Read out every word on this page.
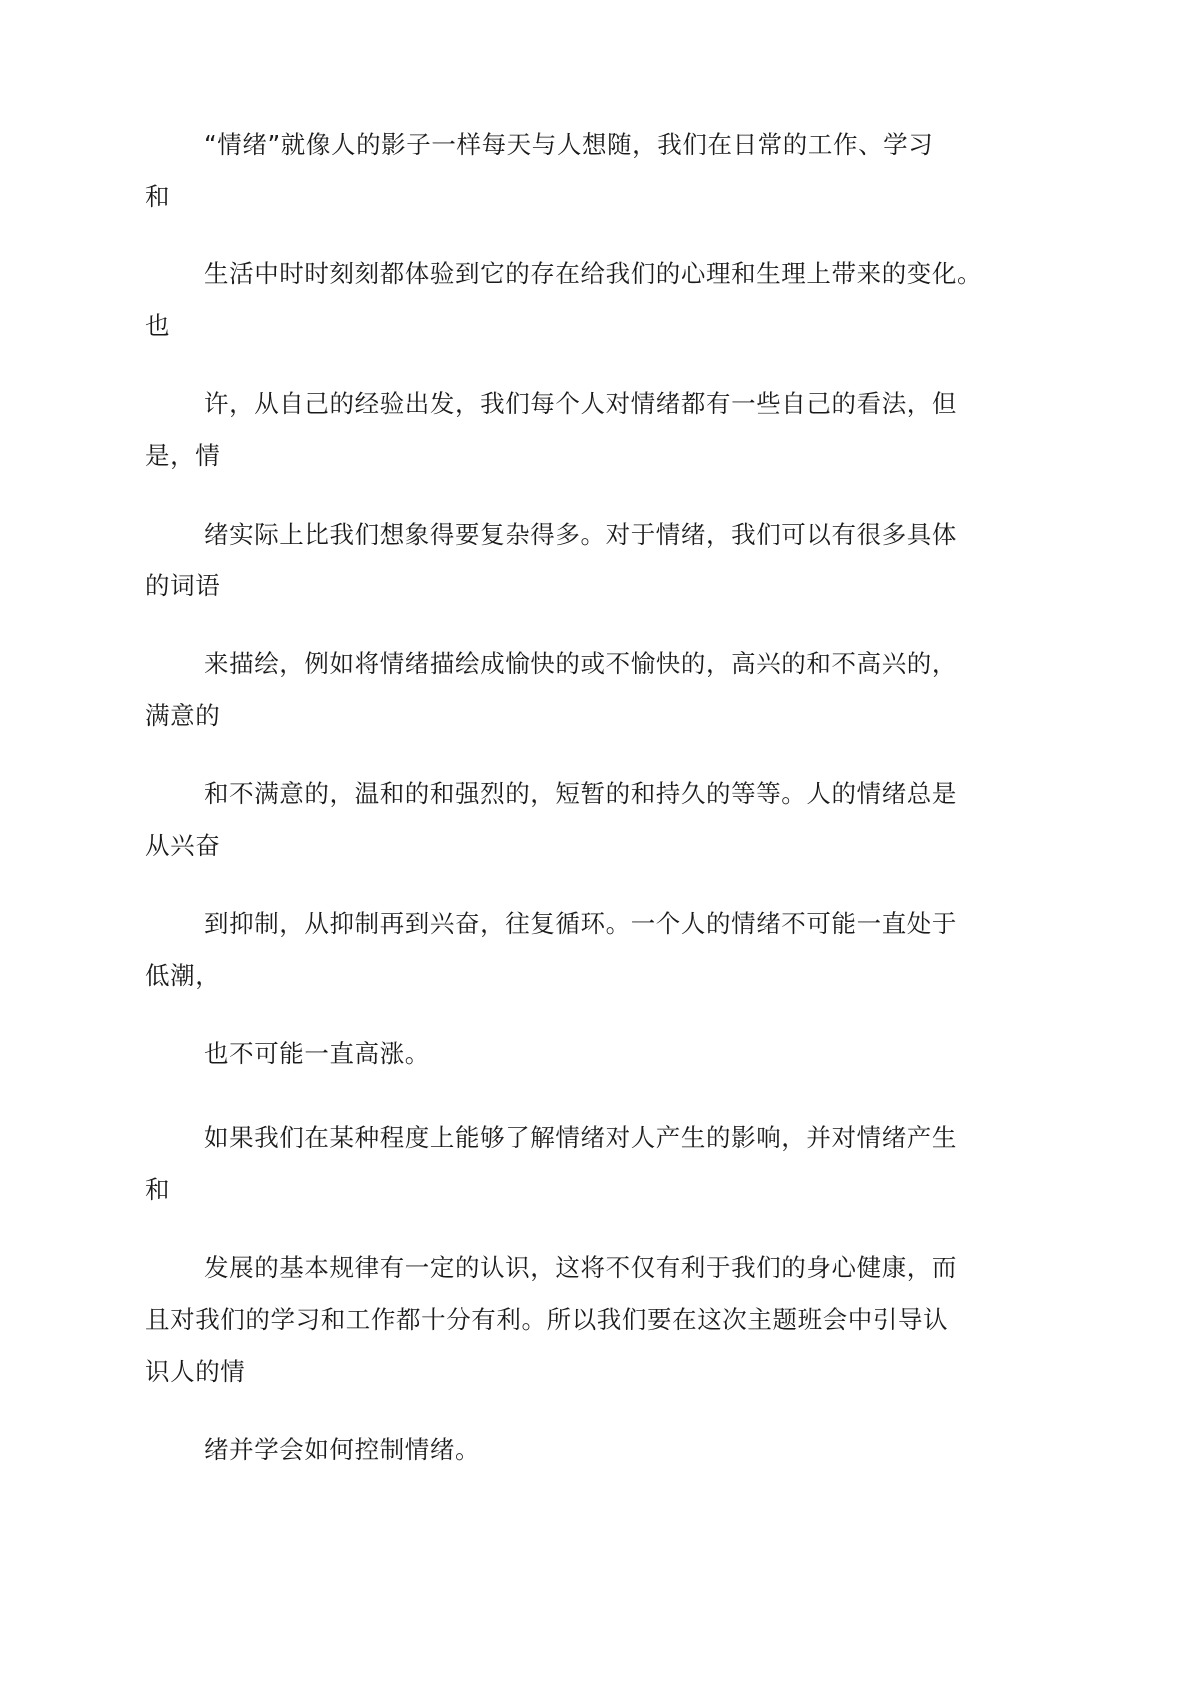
“情绪”就像人的影子一样每天与人想随，我们在日常的工作、学习
和
生活中时时刻刻都体验到它的存在给我们的心理和生理上带来的变化。
也
许，从自己的经验出发，我们每个人对情绪都有一些自己的看法，但
是，情
绪实际上比我们想象得要复杂得多。对于情绪，我们可以有很多具体
的词语
来描绘，例如将情绪描绘成愉快的或不愉快的，高兴的和不高兴的，
满意的
和不满意的，温和的和强烈的，短暂的和持久的等等。人的情绪总是
从兴奋
到抑制，从抑制再到兴奋，往复循环。一个人的情绪不可能一直处于
低潮，
也不可能一直高涨。
如果我们在某种程度上能够了解情绪对人产生的影响，并对情绪产生
和
发展的基本规律有一定的认识，这将不仅有利于我们的身心健康，而
且对我们的学习和工作都十分有利。所以我们要在这次主题班会中引导认
识人的情
绪并学会如何控制情绪。
